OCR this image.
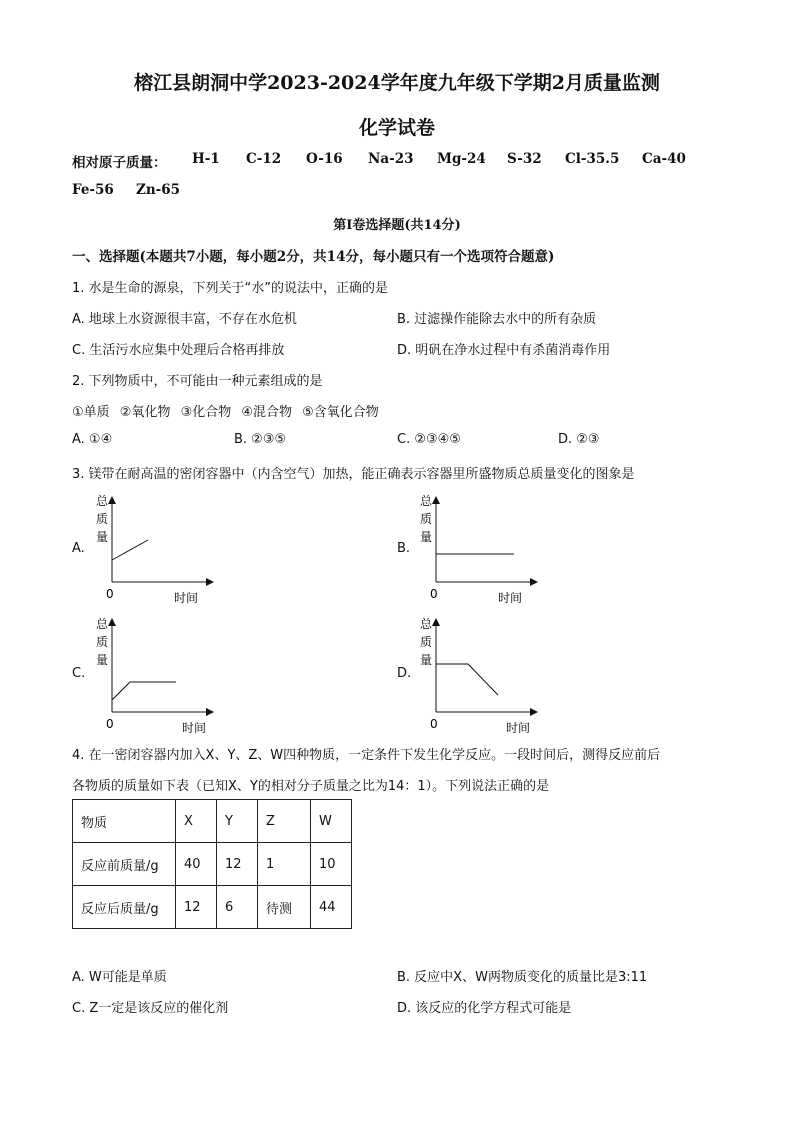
榕江县朗洞中学2023-2024学年度九年级下学期2月质量监测
化学试卷
相对原子质量： H-1 C-12 O-16 Na-23 Mg-24 S-32 Cl-35.5 Ca-40
Fe-56 Zn-65
第Ⅰ卷选择题(共14分)
一、选择题(本题共7小题，每小题2分，共14分，每小题只有一个选项符合题意)
1. 水是生命的源泉，下列关于“水”的说法中，正确的是
A. 地球上水资源很丰富，不存在水危机	B. 过滤操作能除去水中的所有杂质
C. 生活污水应集中处理后合格再排放	D. 明矾在净水过程中有杀菌消毒作用
2. 下列物质中，不可能由一种元素组成的是
①单质 ②氧化物 ③化合物 ④混合物 ⑤含氧化合物
A. ①④	B. ②③⑤	C. ②③④⑤	D. ②③
3. 镁带在耐高温的密闭容器中（内含空气）加热，能正确表示容器里所盛物质总质量变化的图象是
A.
总
质
量
0	时间
B.
总
质
量
0	时间
C.
总
质
量
0	时间
D.
总
质
量
0	时间
4. 在一密闭容器内加入X、Y、Z、W四种物质，一定条件下发生化学反应。一段时间后，测得反应前后
各物质的质量如下表（已知X、Y的相对分子质量之比为14：1）。下列说法正确的是
物质	X	Y	Z	W
反应前质量/g	40	12	1	10
反应后质量/g	12	6	待测	44
A. W可能是单质	B. 反应中X、W两物质变化的质量比是3:11
C. Z一定是该反应的催化剂	D. 该反应的化学方程式可能是
